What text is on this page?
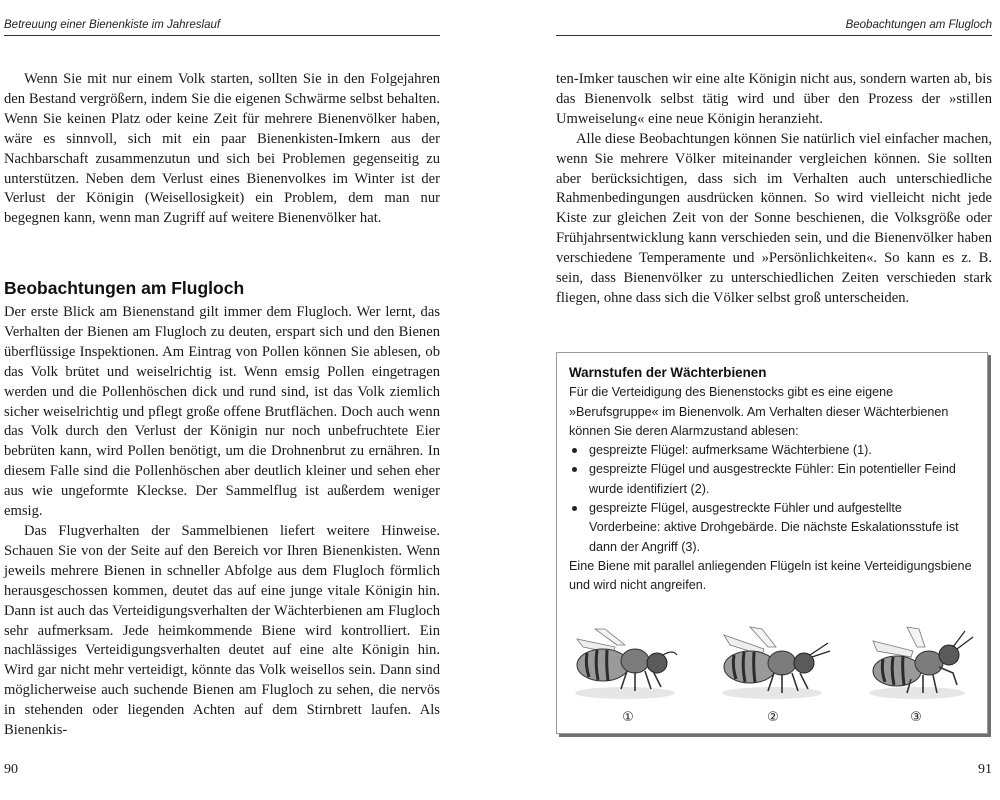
Betreuung einer Bienenkiste im Jahreslauf

Wenn Sie mit nur einem Volk starten, sollten Sie in den Folgejahren den Bestand vergrößern, indem Sie die eigenen Schwärme selbst behalten. Wenn Sie keinen Platz oder keine Zeit für mehrere Bienenvölker haben, wäre es sinnvoll, sich mit ein paar Bienenkisten-Imkern aus der Nachbarschaft zusammenzutun und sich bei Problemen gegenseitig zu unterstützen. Neben dem Verlust eines Bienenvolkes im Winter ist der Verlust der Königin (Weisellosigkeit) ein Problem, dem man nur begegnen kann, wenn man Zugriff auf weitere Bienenvölker hat.

Beobachtungen am Flugloch

Der erste Blick am Bienenstand gilt immer dem Flugloch. Wer lernt, das Verhalten der Bienen am Flugloch zu deuten, erspart sich und den Bienen überflüssige Inspektionen. Am Eintrag von Pollen können Sie ablesen, ob das Volk brütet und weiselrichtig ist. Wenn emsig Pollen eingetragen werden und die Pollenhöschen dick und rund sind, ist das Volk ziemlich sicher weiselrichtig und pflegt große offene Brutflächen. Doch auch wenn das Volk durch den Verlust der Königin nur noch unbefruchtete Eier bebrüten kann, wird Pollen benötigt, um die Drohnenbrut zu ernähren. In diesem Falle sind die Pollenhöschen aber deutlich kleiner und sehen eher aus wie ungeformte Kleckse. Der Sammelflug ist außerdem weniger emsig.

Das Flugverhalten der Sammelbienen liefert weitere Hinweise. Schauen Sie von der Seite auf den Bereich vor Ihren Bienenkisten. Wenn jeweils mehrere Bienen in schneller Abfolge aus dem Flugloch förmlich herausgeschossen kommen, deutet das auf eine junge vitale Königin hin. Dann ist auch das Verteidigungsverhalten der Wächterbienen am Flugloch sehr aufmerksam. Jede heimkommende Biene wird kontrolliert. Ein nachlässiges Verteidigungsverhalten deutet auf eine alte Königin hin. Wird gar nicht mehr verteidigt, könnte das Volk weisellos sein. Dann sind möglicherweise auch suchende Bienen am Flugloch zu sehen, die nervös in stehenden oder liegenden Achten auf dem Stirnbrett laufen. Als Bienenkis-

90
Beobachtungen am Flugloch

ten-Imker tauschen wir eine alte Königin nicht aus, sondern warten ab, bis das Bienenvolk selbst tätig wird und über den Prozess der »stillen Umweiselung« eine neue Königin heranzieht.

Alle diese Beobachtungen können Sie natürlich viel einfacher machen, wenn Sie mehrere Völker miteinander vergleichen können. Sie sollten aber berücksichtigen, dass sich im Verhalten auch unterschiedliche Rahmenbedingungen ausdrücken können. So wird vielleicht nicht jede Kiste zur gleichen Zeit von der Sonne beschienen, die Volksgröße oder Frühjahrsentwicklung kann verschieden sein, und die Bienenvölker haben verschiedene Temperamente und »Persönlichkeiten«. So kann es z. B. sein, dass Bienenvölker zu unterschiedlichen Zeiten verschieden stark fliegen, ohne dass sich die Völker selbst groß unterscheiden.

Warnstufen der Wächterbienen

Für die Verteidigung des Bienenstocks gibt es eine eigene »Berufsgruppe« im Bienenvolk. Am Verhalten dieser Wächterbienen können Sie deren Alarmzustand ablesen:

gespreizte Flügel: aufmerksame Wächterbiene (1).
gespreizte Flügel und ausgestreckte Fühler: Ein potentieller Feind wurde identifiziert (2).
gespreizte Flügel, ausgestreckte Fühler und aufgestellte Vorderbeine: aktive Drohgebärde. Die nächste Eskalationsstufe ist dann der Angriff (3).

Eine Biene mit parallel anliegenden Flügeln ist keine Verteidigungsbiene und wird nicht angreifen.

①	②	③
91
